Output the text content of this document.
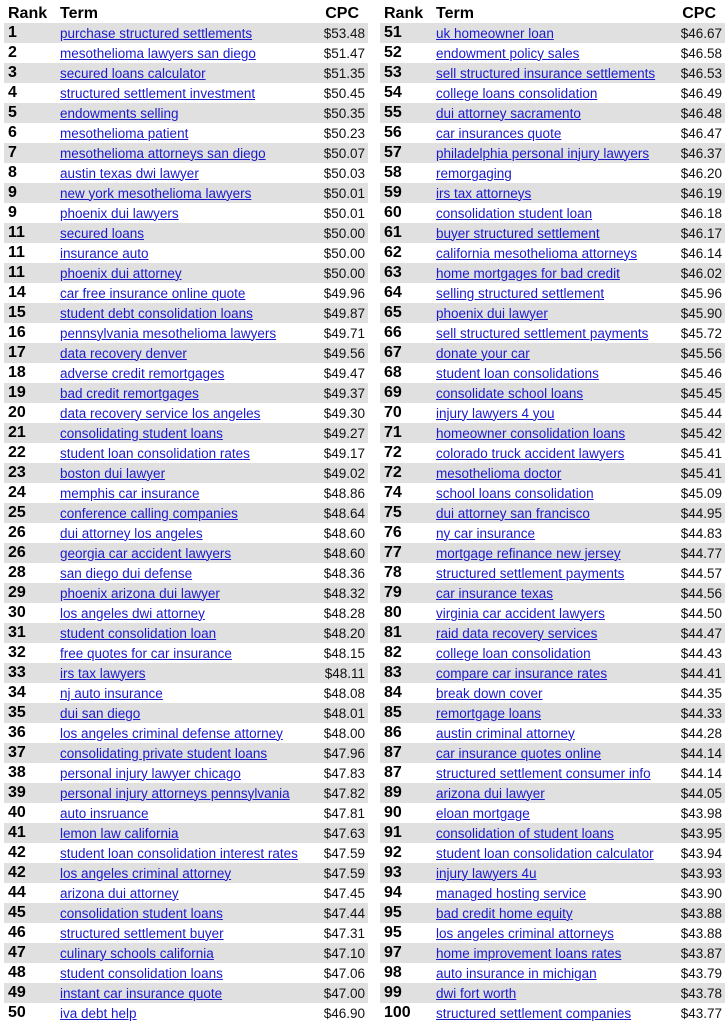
Rank	Term	CPC
1	purchase structured settlements	$53.48
2	mesothelioma lawyers san diego	$51.47
3	secured loans calculator	$51.35
4	structured settlement investment	$50.45
5	endowments selling	$50.35
6	mesothelioma patient	$50.23
7	mesothelioma attorneys san diego	$50.07
8	austin texas dwi lawyer	$50.03
9	new york mesothelioma lawyers	$50.01
9	phoenix dui lawyers	$50.01
11	secured loans	$50.00
11	insurance auto	$50.00
11	phoenix dui attorney	$50.00
14	car free insurance online quote	$49.96
15	student debt consolidation loans	$49.87
16	pennsylvania mesothelioma lawyers	$49.71
17	data recovery denver	$49.56
18	adverse credit remortgages	$49.47
19	bad credit remortgages	$49.37
20	data recovery service los angeles	$49.30
21	consolidating student loans	$49.27
22	student loan consolidation rates	$49.17
23	boston dui lawyer	$49.02
24	memphis car insurance	$48.86
25	conference calling companies	$48.64
26	dui attorney los angeles	$48.60
26	georgia car accident lawyers	$48.60
28	san diego dui defense	$48.36
29	phoenix arizona dui lawyer	$48.32
30	los angeles dwi attorney	$48.28
31	student consolidation loan	$48.20
32	free quotes for car insurance	$48.15
33	irs tax lawyers	$48.11
34	nj auto insurance	$48.08
35	dui san diego	$48.01
36	los angeles criminal defense attorney	$48.00
37	consolidating private student loans	$47.96
38	personal injury lawyer chicago	$47.83
39	personal injury attorneys pennsylvania	$47.82
40	auto insruance	$47.81
41	lemon law california	$47.63
42	student loan consolidation interest rates	$47.59
42	los angeles criminal attorney	$47.59
44	arizona dui attorney	$47.45
45	consolidation student loans	$47.44
46	structured settlement buyer	$47.31
47	culinary schools california	$47.10
48	student consolidation loans	$47.06
49	instant car insurance quote	$47.00
50	iva debt help	$46.90
Rank	Term	CPC
51	uk homeowner loan	$46.67
52	endowment policy sales	$46.58
53	sell structured insurance settlements	$46.53
54	college loans consolidation	$46.49
55	dui attorney sacramento	$46.48
56	car insurances quote	$46.47
57	philadelphia personal injury lawyers	$46.37
58	remorgaging	$46.20
59	irs tax attorneys	$46.19
60	consolidation student loan	$46.18
61	buyer structured settlement	$46.17
62	california mesothelioma attorneys	$46.14
63	home mortgages for bad credit	$46.02
64	selling structured settlement	$45.96
65	phoenix dui lawyer	$45.90
66	sell structured settlement payments	$45.72
67	donate your car	$45.56
68	student loan consolidations	$45.46
69	consolidate school loans	$45.45
70	injury lawyers 4 you	$45.44
71	homeowner consolidation loans	$45.42
72	colorado truck accident lawyers	$45.41
72	mesothelioma doctor	$45.41
74	school loans consolidation	$45.09
75	dui attorney san francisco	$44.95
76	ny car insurance	$44.83
77	mortgage refinance new jersey	$44.77
78	structured settlement payments	$44.57
79	car insurance texas	$44.56
80	virginia car accident lawyers	$44.50
81	raid data recovery services	$44.47
82	college loan consolidation	$44.43
83	compare car insurance rates	$44.41
84	break down cover	$44.35
85	remortgage loans	$44.33
86	austin criminal attorney	$44.28
87	car insurance quotes online	$44.14
87	structured settlement consumer info	$44.14
89	arizona dui lawyer	$44.05
90	eloan mortgage	$43.98
91	consolidation of student loans	$43.95
92	student loan consolidation calculator	$43.94
93	injury lawyers 4u	$43.93
94	managed hosting service	$43.90
95	bad credit home equity	$43.88
95	los angeles criminal attorneys	$43.88
97	home improvement loans rates	$43.87
98	auto insurance in michigan	$43.79
99	dwi fort worth	$43.78
100	structured settlement companies	$43.77
